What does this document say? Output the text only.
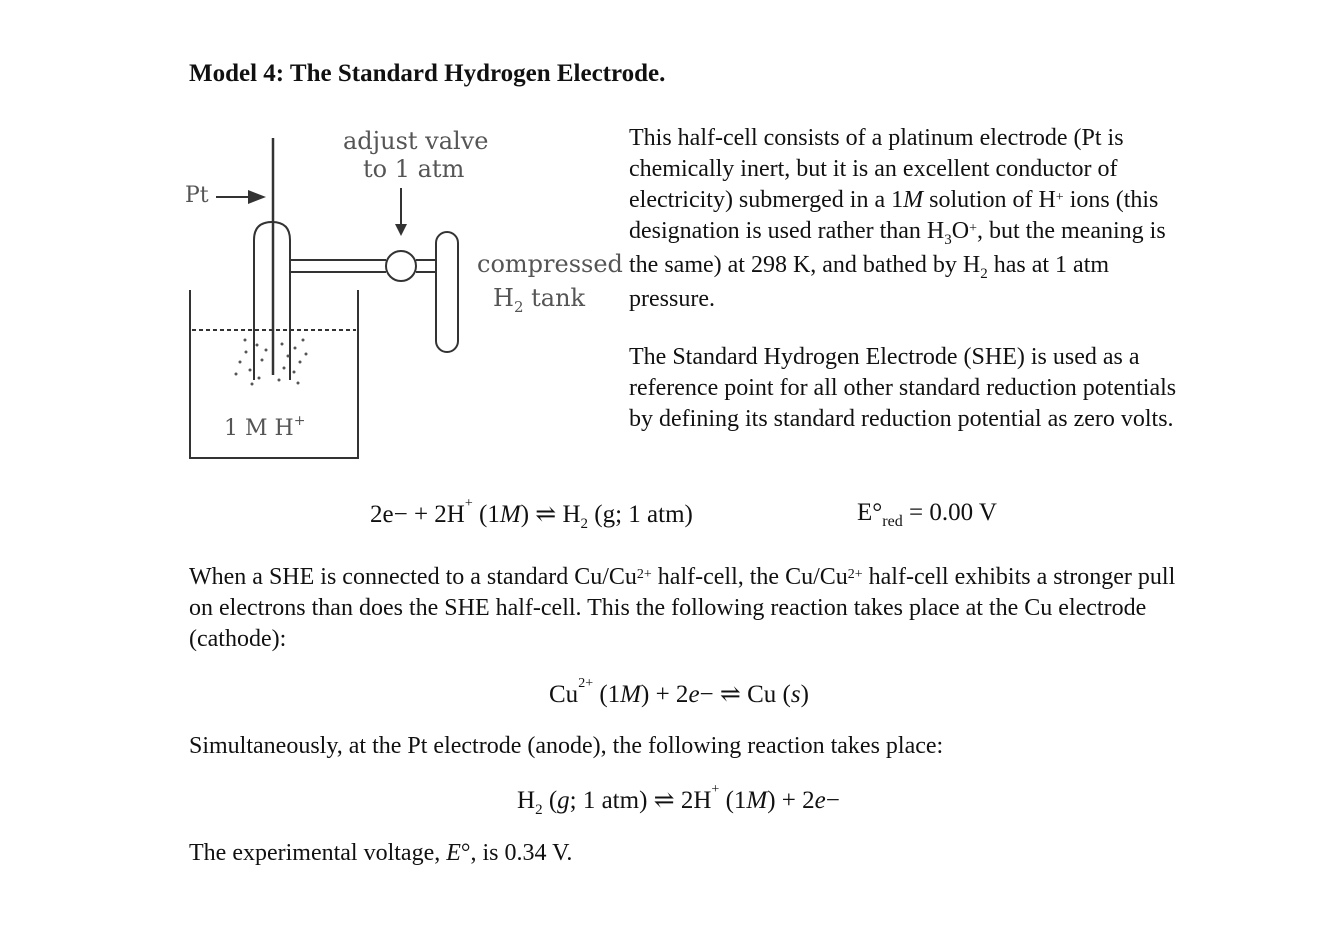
Model 4: The Standard Hydrogen Electrode.
Pt
adjust valve
to 1 atm
compressed
$H_2$ tank
1 M H+
This half-cell consists of a platinum electrode (Pt is chemically inert, but it is an excellent conductor of electricity) submerged in a 1M solution of H+ ions (this designation is used rather than $H_3O^+$, but the meaning is the same) at 298 K, and bathed by $H_2$ has at 1 atm pressure.
The Standard Hydrogen Electrode (SHE) is used as a reference point for all other standard reduction potentials by defining its standard reduction potential as zero volts.
2e− + 2H+ (1M) ⇌ $H_2$ (g; 1 atm)	$E^\circ_{red} = 0.00$ V
When a SHE is connected to a standard $Cu/Cu^{2+}$ half-cell, the $Cu/Cu^{2+}$ half-cell exhibits a stronger pull on electrons than does the SHE half-cell. This the following reaction takes place at the Cu electrode (cathode):
$Cu^{2+}$ (1M) + 2e− ⇌ Cu (s)
Simultaneously, at the Pt electrode (anode), the following reaction takes place:
$H_2$ (g; 1 atm) ⇌ 2H+ (1M) + 2e−
The experimental voltage, E°, is 0.34 V.
